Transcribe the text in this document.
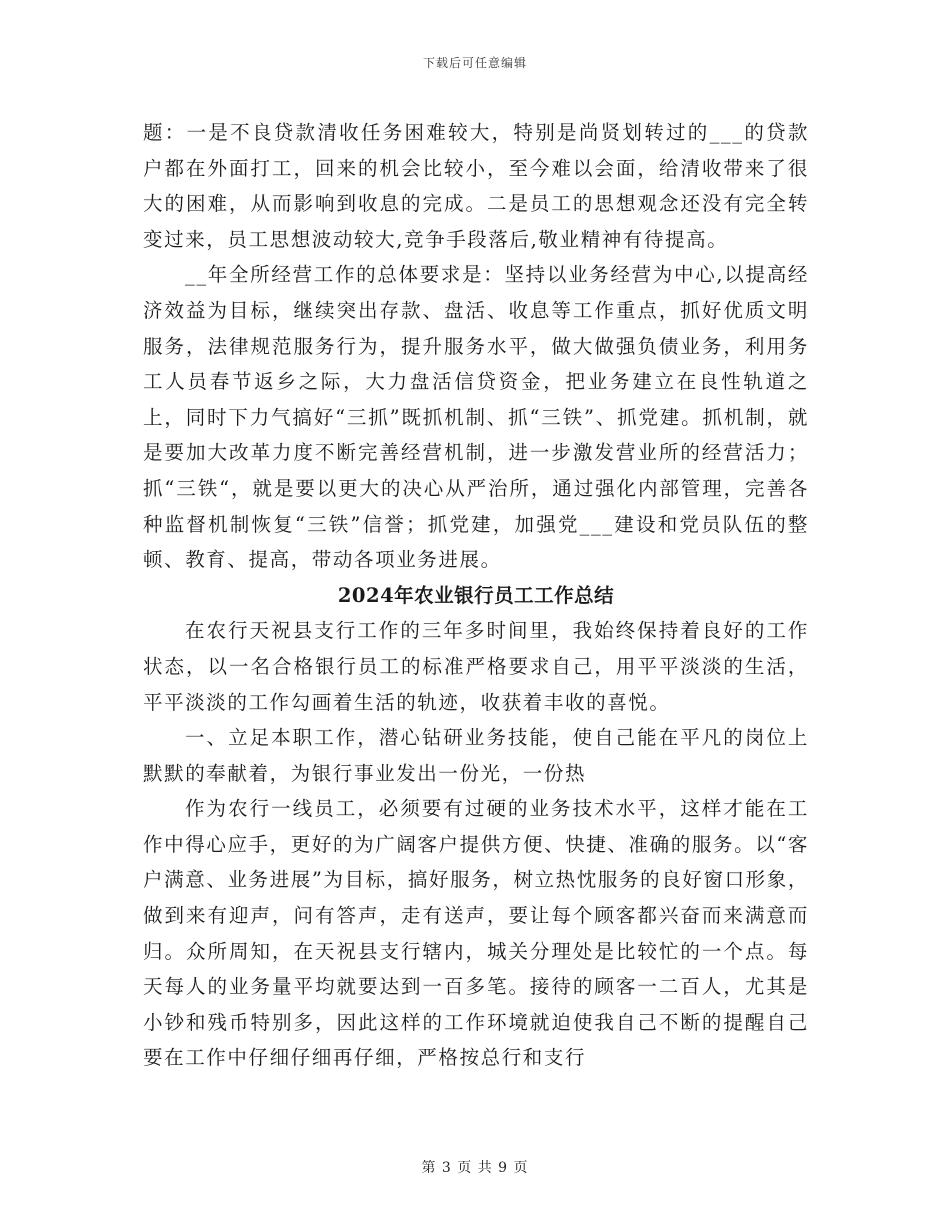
下载后可任意编辑

题：一是不良贷款清收任务困难较大，特别是尚贤划转过的___的贷款户都在外面打工，回来的机会比较小，至今难以会面，给清收带来了很大的困难，从而影响到收息的完成。二是员工的思想观念还没有完全转变过来，员工思想波动较大,竞争手段落后,敬业精神有待提高。

__年全所经营工作的总体要求是：坚持以业务经营为中心,以提高经济效益为目标，继续突出存款、盘活、收息等工作重点，抓好优质文明服务，法律规范服务行为，提升服务水平，做大做强负债业务，利用务工人员春节返乡之际，大力盘活信贷资金，把业务建立在良性轨道之上，同时下力气搞好“三抓”既抓机制、抓“三铁”、抓党建。抓机制，就是要加大改革力度不断完善经营机制，进一步激发营业所的经营活力；抓“三铁“，就是要以更大的决心从严治所，通过强化内部管理，完善各种监督机制恢复“三铁”信誉；抓党建，加强党___建设和党员队伍的整顿、教育、提高，带动各项业务进展。

2024年农业银行员工工作总结

在农行天祝县支行工作的三年多时间里，我始终保持着良好的工作状态，以一名合格银行员工的标准严格要求自己，用平平淡淡的生活，平平淡淡的工作勾画着生活的轨迹，收获着丰收的喜悦。

一、立足本职工作，潜心钻研业务技能，使自己能在平凡的岗位上默默的奉献着，为银行事业发出一份光，一份热

作为农行一线员工，必须要有过硬的业务技术水平，这样才能在工作中得心应手，更好的为广阔客户提供方便、快捷、准确的服务。以“客户满意、业务进展”为目标，搞好服务，树立热忱服务的良好窗口形象，做到来有迎声，问有答声，走有送声，要让每个顾客都兴奋而来满意而归。众所周知，在天祝县支行辖内，城关分理处是比较忙的一个点。每天每人的业务量平均就要达到一百多笔。接待的顾客一二百人，尤其是小钞和残币特别多，因此这样的工作环境就迫使我自己不断的提醒自己要在工作中仔细仔细再仔细，严格按总行和支行

第 3 页 共 9 页
